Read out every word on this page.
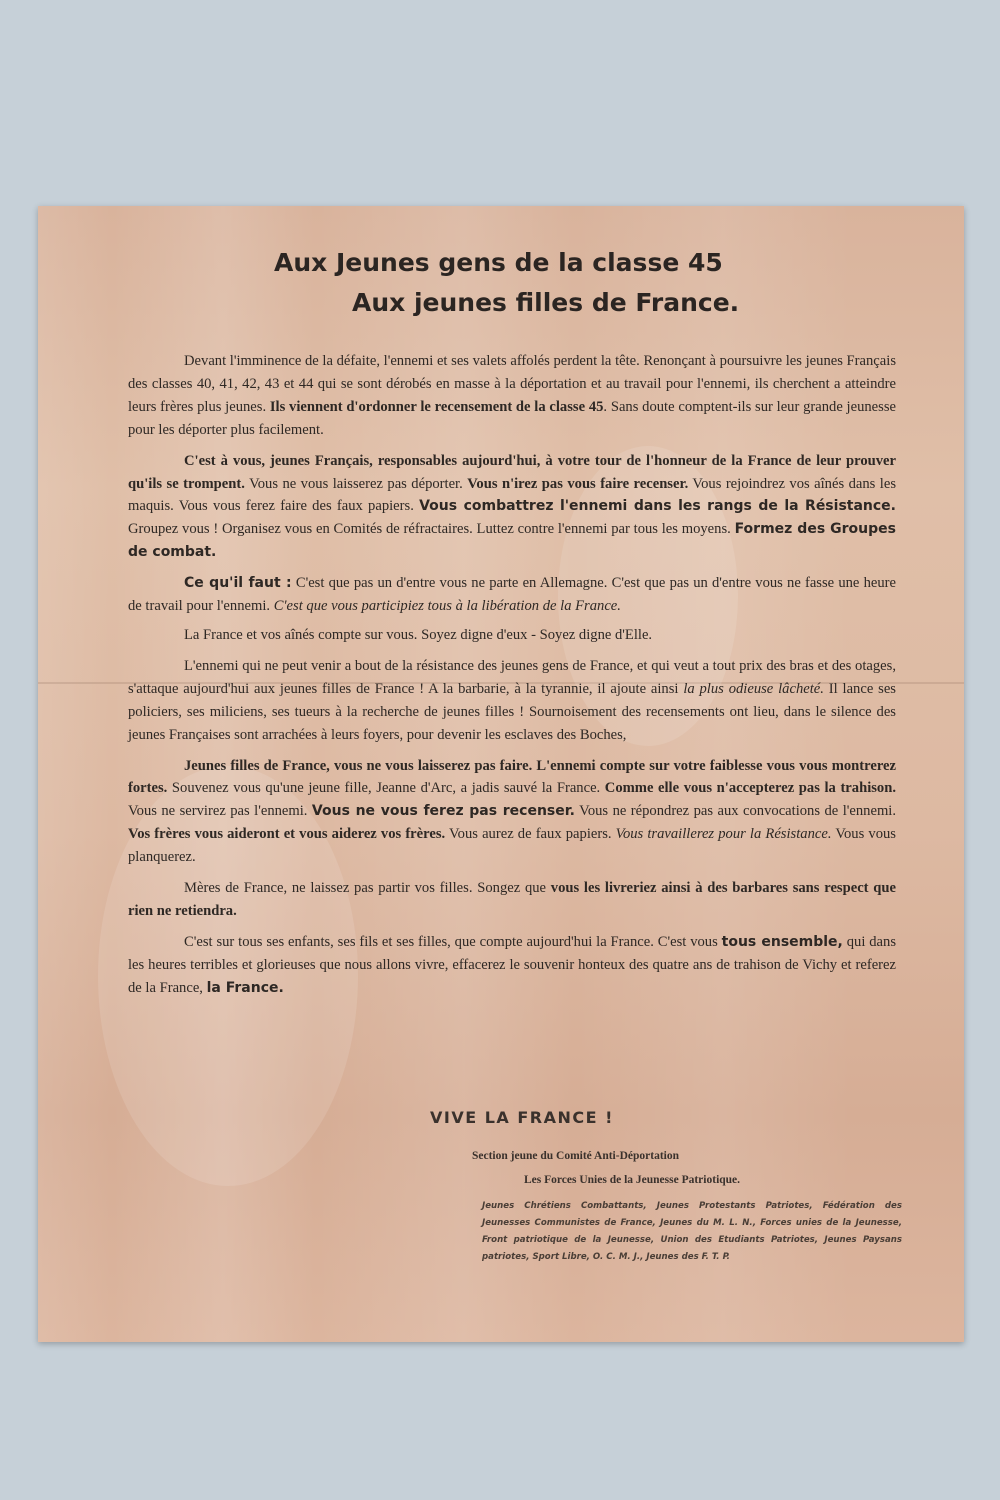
Aux Jeunes gens de la classe 45
Aux jeunes filles de France.

Devant l'imminence de la défaite, l'ennemi et ses valets affolés perdent la tête. Renonçant à poursuivre les jeunes Français des classes 40, 41, 42, 43 et 44 qui se sont dérobés en masse à la déportation et au travail pour l'ennemi, ils cherchent a atteindre leurs frères plus jeunes. Ils viennent d'ordonner le recensement de la classe 45. Sans doute comptent-ils sur leur grande jeunesse pour les déporter plus facilement.

C'est à vous, jeunes Français, responsables aujourd'hui, à votre tour de l'honneur de la France de leur prouver qu'ils se trompent. Vous ne vous laisserez pas déporter. Vous n'irez pas vous faire recenser. Vous rejoindrez vos aînés dans les maquis. Vous vous ferez faire des faux papiers. Vous combattrez l'ennemi dans les rangs de la Résistance. Groupez vous ! Organisez vous en Comités de réfractaires. Luttez contre l'ennemi par tous les moyens. Formez des Groupes de combat.

Ce qu'il faut : C'est que pas un d'entre vous ne parte en Allemagne. C'est que pas un d'entre vous ne fasse une heure de travail pour l'ennemi. C'est que vous participiez tous à la libération de la France.

La France et vos aînés compte sur vous. Soyez digne d'eux - Soyez digne d'Elle.

L'ennemi qui ne peut venir a bout de la résistance des jeunes gens de France, et qui veut a tout prix des bras et des otages, s'attaque aujourd'hui aux jeunes filles de France ! A la barbarie, à la tyrannie, il ajoute ainsi la plus odieuse lâcheté. Il lance ses policiers, ses miliciens, ses tueurs à la recherche de jeunes filles ! Sournoisement des recensements ont lieu, dans le silence des jeunes Françaises sont arrachées à leurs foyers, pour devenir les esclaves des Boches,

Jeunes filles de France, vous ne vous laisserez pas faire. L'ennemi compte sur votre faiblesse vous vous montrerez fortes. Souvenez vous qu'une jeune fille, Jeanne d'Arc, a jadis sauvé la France. Comme elle vous n'accepterez pas la trahison. Vous ne servirez pas l'ennemi. Vous ne vous ferez pas recenser. Vous ne répondrez pas aux convocations de l'ennemi. Vos frères vous aideront et vous aiderez vos frères. Vous aurez de faux papiers. Vous travaillerez pour la Résistance. Vous vous planquerez.

Mères de France, ne laissez pas partir vos filles. Songez que vous les livreriez ainsi à des barbares sans respect que rien ne retiendra.

C'est sur tous ses enfants, ses fils et ses filles, que compte aujourd'hui la France. C'est vous tous ensemble, qui dans les heures terribles et glorieuses que nous allons vivre, effacerez le souvenir honteux des quatre ans de trahison de Vichy et referez de la France, la France.

VIVE LA FRANCE !
Section jeune du Comité Anti-Déportation
Les Forces Unies de la Jeunesse Patriotique.
Jeunes Chrétiens Combattants, Jeunes Protestants Patriotes, Fédération des Jeunesses Communistes de France, Jeunes du M. L. N., Forces unies de la Jeunesse, Front patriotique de la Jeunesse, Union des Etudiants Patriotes, Jeunes Paysans patriotes, Sport Libre, O. C. M. J., Jeunes des F. T. P.
